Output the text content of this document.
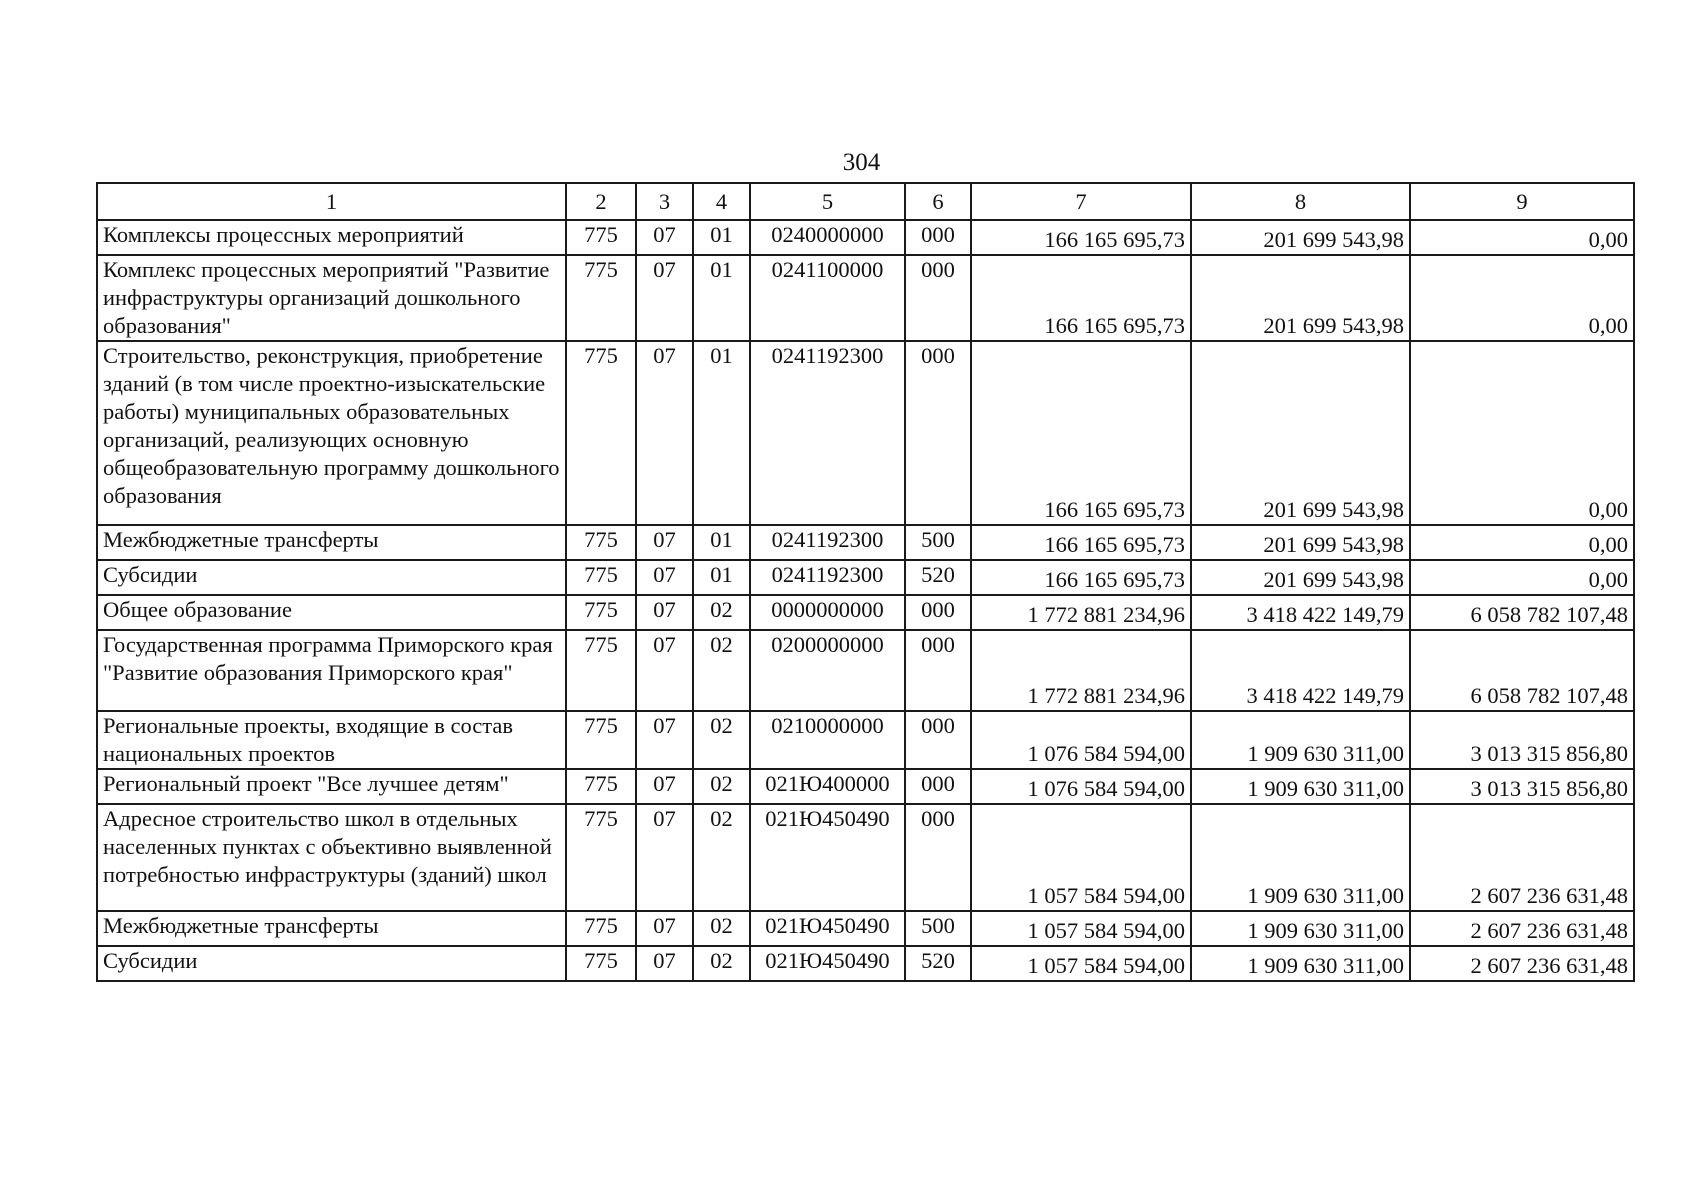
304
1	2	3	4	5	6	7	8	9
Комплексы процессных мероприятий	775	07	01	0240000000	000	166 165 695,73	201 699 543,98	0,00
Комплекс процессных мероприятий "Развитие инфраструктуры организаций дошкольного образования"	775	07	01	0241100000	000	166 165 695,73	201 699 543,98	0,00
Строительство, реконструкция, приобретение зданий (в том числе проектно-изыскательские работы) муниципальных образовательных организаций, реализующих основную общеобразовательную программу дошкольного образования	775	07	01	0241192300	000	166 165 695,73	201 699 543,98	0,00
Межбюджетные трансферты	775	07	01	0241192300	500	166 165 695,73	201 699 543,98	0,00
Субсидии	775	07	01	0241192300	520	166 165 695,73	201 699 543,98	0,00
Общее образование	775	07	02	0000000000	000	1 772 881 234,96	3 418 422 149,79	6 058 782 107,48
Государственная программа Приморского края "Развитие образования Приморского края"	775	07	02	0200000000	000	1 772 881 234,96	3 418 422 149,79	6 058 782 107,48
Региональные проекты, входящие в состав национальных проектов	775	07	02	0210000000	000	1 076 584 594,00	1 909 630 311,00	3 013 315 856,80
Региональный проект "Все лучшее детям"	775	07	02	021Ю400000	000	1 076 584 594,00	1 909 630 311,00	3 013 315 856,80
Адресное строительство школ в отдельных населенных пунктах с объективно выявленной потребностью инфраструктуры (зданий) школ	775	07	02	021Ю450490	000	1 057 584 594,00	1 909 630 311,00	2 607 236 631,48
Межбюджетные трансферты	775	07	02	021Ю450490	500	1 057 584 594,00	1 909 630 311,00	2 607 236 631,48
Субсидии	775	07	02	021Ю450490	520	1 057 584 594,00	1 909 630 311,00	2 607 236 631,48
